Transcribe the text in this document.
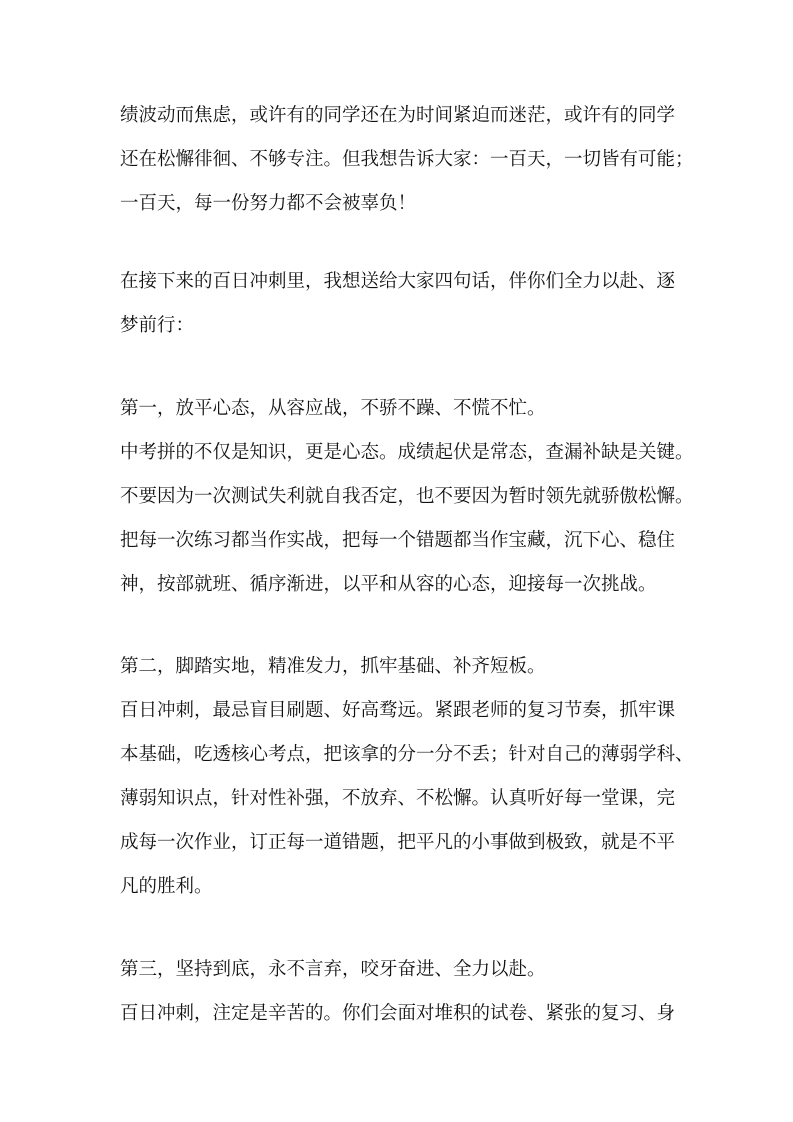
绩波动而焦虑，或许有的同学还在为时间紧迫而迷茫，或许有的同学
还在松懈徘徊、不够专注。但我想告诉大家：一百天，一切皆有可能；
一百天，每一份努力都不会被辜负！
在接下来的百日冲刺里，我想送给大家四句话，伴你们全力以赴、逐
梦前行：
第一，放平心态，从容应战，不骄不躁、不慌不忙。
中考拼的不仅是知识，更是心态。成绩起伏是常态，查漏补缺是关键。
不要因为一次测试失利就自我否定，也不要因为暂时领先就骄傲松懈。
把每一次练习都当作实战，把每一个错题都当作宝藏，沉下心、稳住
神，按部就班、循序渐进，以平和从容的心态，迎接每一次挑战。
第二，脚踏实地，精准发力，抓牢基础、补齐短板。
百日冲刺，最忌盲目刷题、好高骛远。紧跟老师的复习节奏，抓牢课
本基础，吃透核心考点，把该拿的分一分不丢；针对自己的薄弱学科、
薄弱知识点，针对性补强，不放弃、不松懈。认真听好每一堂课，完
成每一次作业，订正每一道错题，把平凡的小事做到极致，就是不平
凡的胜利。
第三，坚持到底，永不言弃，咬牙奋进、全力以赴。
百日冲刺，注定是辛苦的。你们会面对堆积的试卷、紧张的复习、身
